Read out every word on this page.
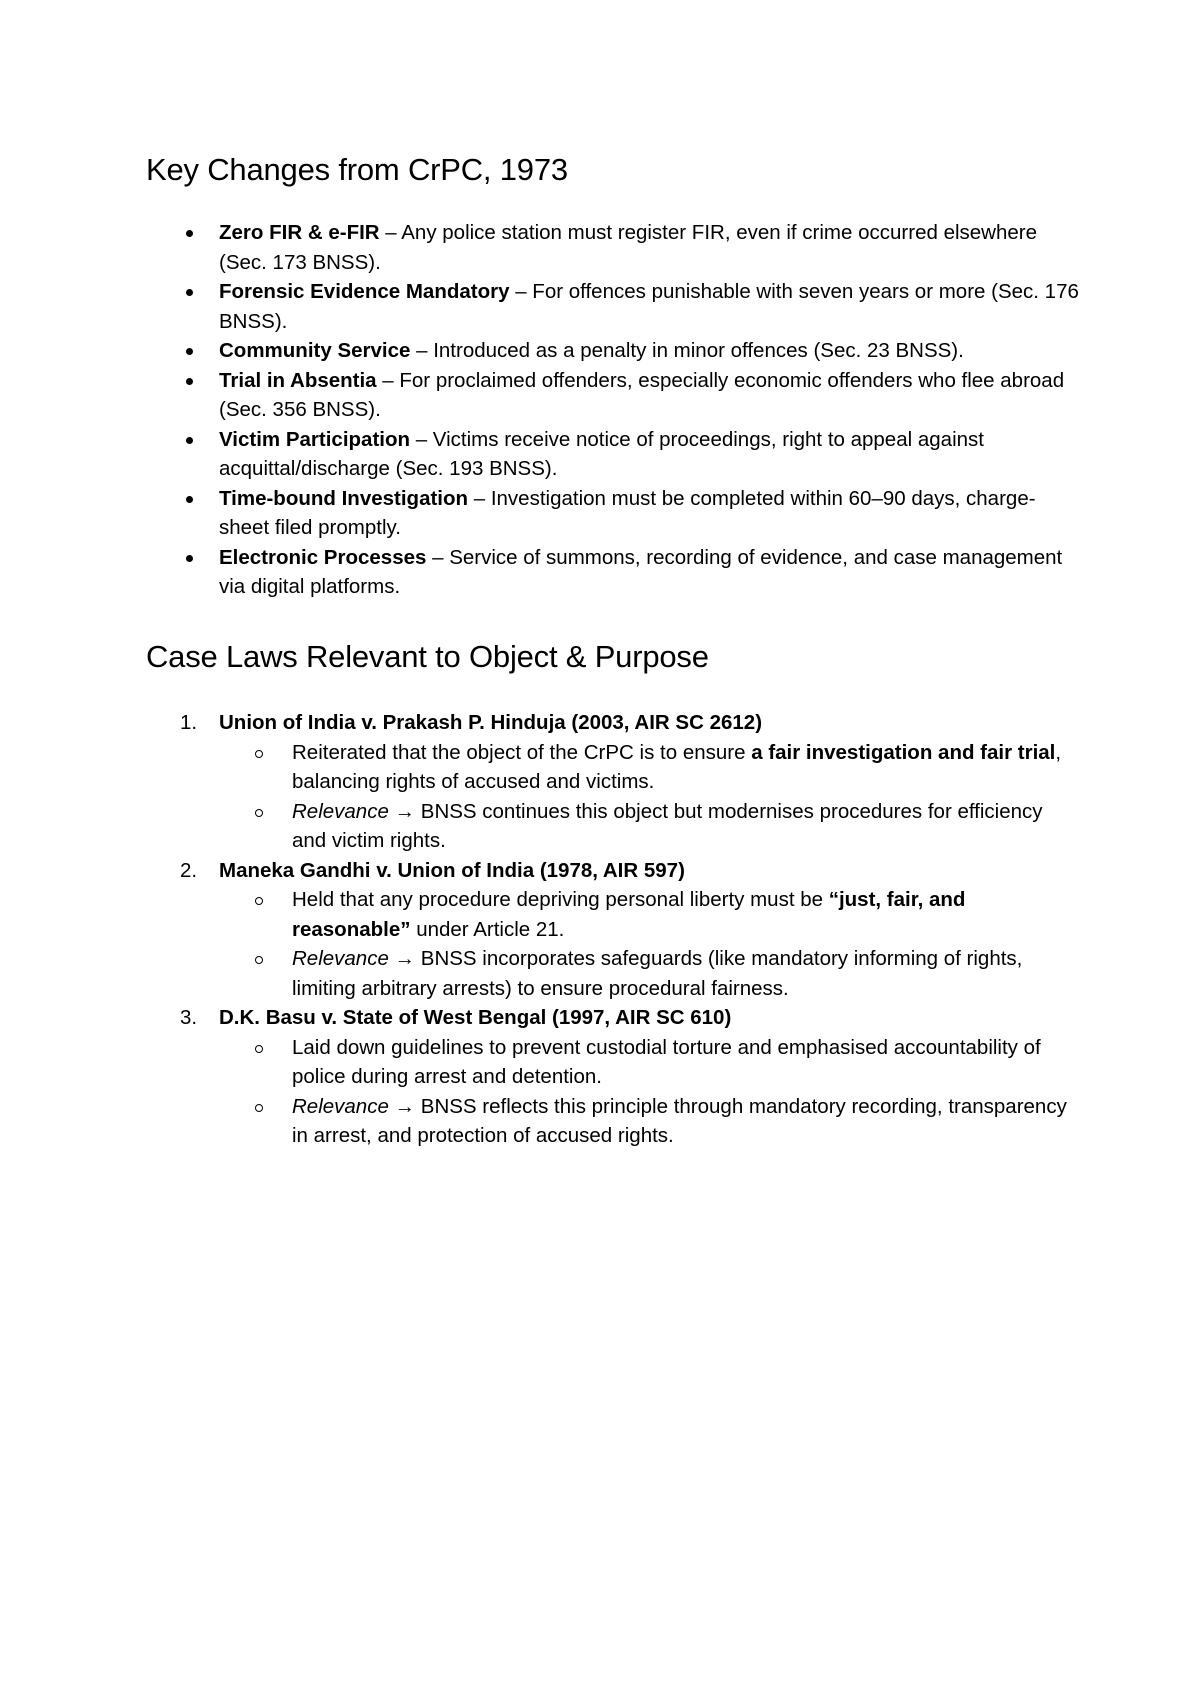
Key Changes from CrPC, 1973
Zero FIR & e-FIR – Any police station must register FIR, even if crime occurred elsewhere (Sec. 173 BNSS).
Forensic Evidence Mandatory – For offences punishable with seven years or more (Sec. 176 BNSS).
Community Service – Introduced as a penalty in minor offences (Sec. 23 BNSS).
Trial in Absentia – For proclaimed offenders, especially economic offenders who flee abroad (Sec. 356 BNSS).
Victim Participation – Victims receive notice of proceedings, right to appeal against acquittal/discharge (Sec. 193 BNSS).
Time-bound Investigation – Investigation must be completed within 60–90 days, charge-sheet filed promptly.
Electronic Processes – Service of summons, recording of evidence, and case management via digital platforms.
Case Laws Relevant to Object & Purpose
1. Union of India v. Prakash P. Hinduja (2003, AIR SC 2612)
Reiterated that the object of the CrPC is to ensure a fair investigation and fair trial, balancing rights of accused and victims.
Relevance → BNSS continues this object but modernises procedures for efficiency and victim rights.
2. Maneka Gandhi v. Union of India (1978, AIR 597)
Held that any procedure depriving personal liberty must be “just, fair, and reasonable” under Article 21.
Relevance → BNSS incorporates safeguards (like mandatory informing of rights, limiting arbitrary arrests) to ensure procedural fairness.
3. D.K. Basu v. State of West Bengal (1997, AIR SC 610)
Laid down guidelines to prevent custodial torture and emphasised accountability of police during arrest and detention.
Relevance → BNSS reflects this principle through mandatory recording, transparency in arrest, and protection of accused rights.
